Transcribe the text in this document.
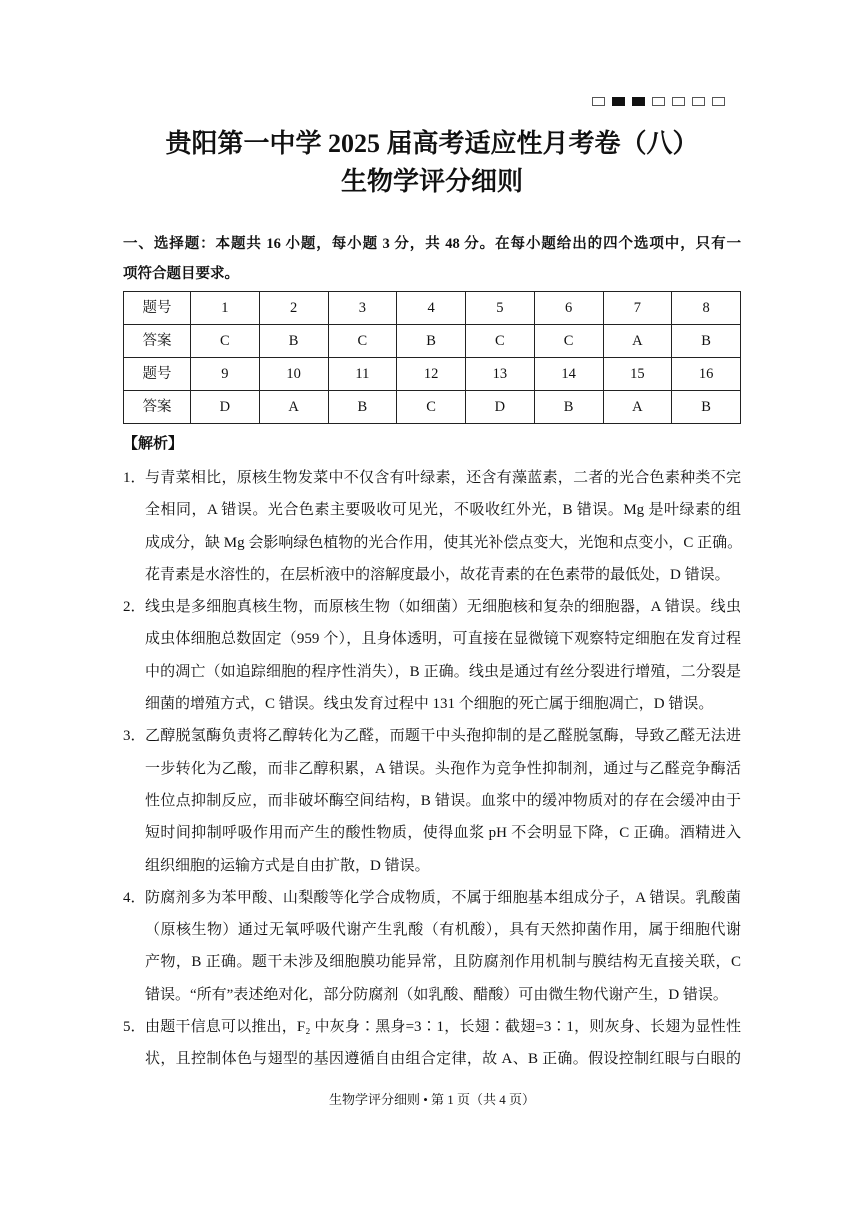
贵阳第一中学 2025 届高考适应性月考卷（八）
生物学评分细则
一、选择题：本题共 16 小题，每小题 3 分，共 48 分。在每小题给出的四个选项中，只有一
项符合题目要求。
题号	1	2	3	4	5	6	7	8
答案	C	B	C	B	C	C	A	B
题号	9	10	11	12	13	14	15	16
答案	D	A	B	C	D	B	A	B
【解析】
1． 与青菜相比，原核生物发菜中不仅含有叶绿素，还含有藻蓝素，二者的光合色素种类不完
全相同，A 错误。光合色素主要吸收可见光，不吸收红外光，B 错误。Mg 是叶绿素的组
成成分，缺 Mg 会影响绿色植物的光合作用，使其光补偿点变大，光饱和点变小，C 正确。
花青素是水溶性的，在层析液中的溶解度最小，故花青素的在色素带的最低处，D 错误。
2． 线虫是多细胞真核生物，而原核生物（如细菌）无细胞核和复杂的细胞器，A 错误。线虫
成虫体细胞总数固定（959 个），且身体透明，可直接在显微镜下观察特定细胞在发育过程
中的凋亡（如追踪细胞的程序性消失），B 正确。线虫是通过有丝分裂进行增殖，二分裂是
细菌的增殖方式，C 错误。线虫发育过程中 131 个细胞的死亡属于细胞凋亡，D 错误。
3． 乙醇脱氢酶负责将乙醇转化为乙醛，而题干中头孢抑制的是乙醛脱氢酶，导致乙醛无法进
一步转化为乙酸，而非乙醇积累，A 错误。头孢作为竞争性抑制剂，通过与乙醛竞争酶活
性位点抑制反应，而非破坏酶空间结构，B 错误。血浆中的缓冲物质对的存在会缓冲由于
短时间抑制呼吸作用而产生的酸性物质，使得血浆 pH 不会明显下降，C 正确。酒精进入
组织细胞的运输方式是自由扩散，D 错误。
4． 防腐剂多为苯甲酸、山梨酸等化学合成物质，不属于细胞基本组成分子，A 错误。乳酸菌
（原核生物）通过无氧呼吸代谢产生乳酸（有机酸），具有天然抑菌作用，属于细胞代谢
产物，B 正确。题干未涉及细胞膜功能异常，且防腐剂作用机制与膜结构无直接关联，C
错误。“所有”表述绝对化，部分防腐剂（如乳酸、醋酸）可由微生物代谢产生，D 错误。
5． 由题干信息可以推出，F₂ 中灰身∶黑身=3∶1，长翅∶截翅=3∶1，则灰身、长翅为显性性
状，且控制体色与翅型的基因遵循自由组合定律，故 A、B 正确。假设控制红眼与白眼的
生物学评分细则 • 第 1 页（共 4 页）
